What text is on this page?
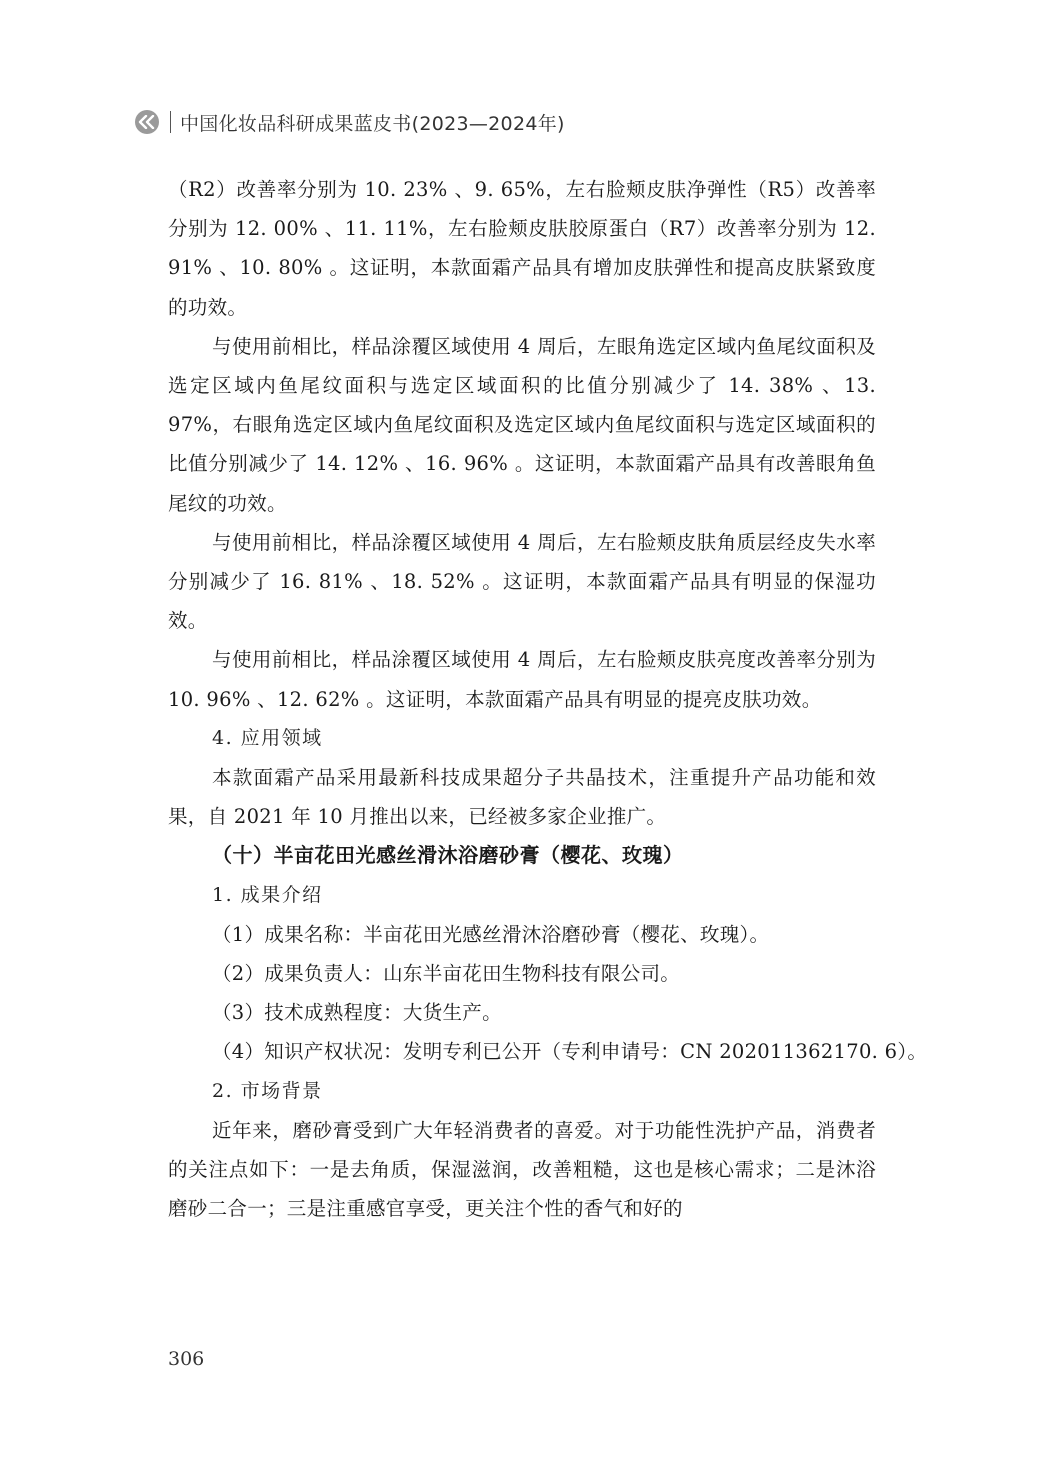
中国化妆品科研成果蓝皮书(2023—2024年)
（R2）改善率分别为 10. 23% 、9. 65%，左右脸颊皮肤净弹性（R5）改善率分别为 12. 00% 、11. 11%，左右脸颊皮肤胶原蛋白（R7）改善率分别为 12. 91% 、10. 80% 。这证明，本款面霜产品具有增加皮肤弹性和提高皮肤紧致度的功效。
与使用前相比，样品涂覆区域使用 4 周后，左眼角选定区域内鱼尾纹面积及选定区域内鱼尾纹面积与选定区域面积的比值分别减少了 14. 38% 、13. 97%，右眼角选定区域内鱼尾纹面积及选定区域内鱼尾纹面积与选定区域面积的比值分别减少了 14. 12% 、16. 96% 。这证明，本款面霜产品具有改善眼角鱼尾纹的功效。
与使用前相比，样品涂覆区域使用 4 周后，左右脸颊皮肤角质层经皮失水率分别减少了 16. 81% 、18. 52% 。这证明，本款面霜产品具有明显的保湿功效。
与使用前相比，样品涂覆区域使用 4 周后，左右脸颊皮肤亮度改善率分别为 10. 96% 、12. 62% 。这证明，本款面霜产品具有明显的提亮皮肤功效。
4. 应用领域
本款面霜产品采用最新科技成果超分子共晶技术，注重提升产品功能和效果，自 2021 年 10 月推出以来，已经被多家企业推广。
（十）半亩花田光感丝滑沐浴磨砂膏（樱花、玫瑰）
1. 成果介绍
（1）成果名称：半亩花田光感丝滑沐浴磨砂膏（樱花、玫瑰）。
（2）成果负责人：山东半亩花田生物科技有限公司。
（3）技术成熟程度：大货生产。
（4）知识产权状况：发明专利已公开（专利申请号：CN 202011362170. 6）。
2. 市场背景
近年来，磨砂膏受到广大年轻消费者的喜爱。对于功能性洗护产品，消费者的关注点如下：一是去角质，保湿滋润，改善粗糙，这也是核心需求；二是沐浴磨砂二合一；三是注重感官享受，更关注个性的香气和好的
306
